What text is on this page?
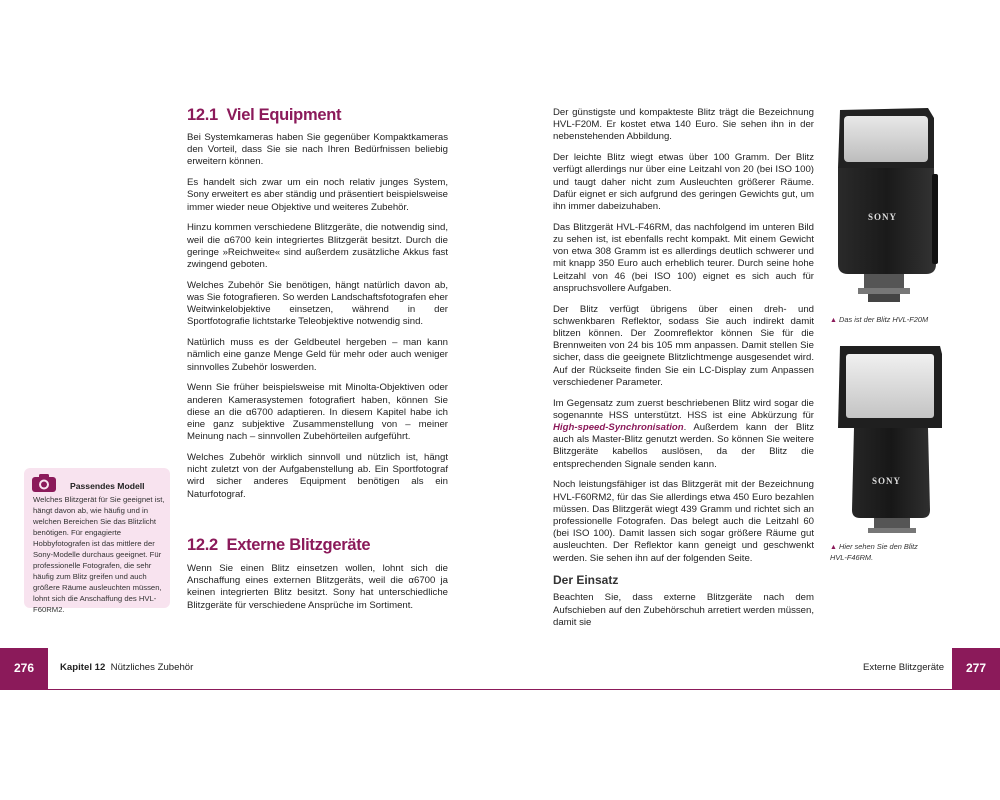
12.1 Viel Equipment

Bei Systemkameras haben Sie gegenüber Kompaktkameras den Vorteil, dass Sie sie nach Ihren Bedürfnissen beliebig erweitern können.

Es handelt sich zwar um ein noch relativ junges System, Sony erweitert es aber ständig und präsentiert beispielsweise immer wieder neue Objektive und weiteres Zubehör.

Hinzu kommen verschiedene Blitzgeräte, die notwendig sind, weil die α6700 kein integriertes Blitzgerät besitzt. Durch die geringe »Reichweite« sind außerdem zusätzliche Akkus fast zwingend geboten.

Welches Zubehör Sie benötigen, hängt natürlich davon ab, was Sie fotografieren. So werden Landschaftsfotografen eher Weitwinkelobjektive einsetzen, während in der Sportfotografie lichtstarke Teleobjektive notwendig sind.

Natürlich muss es der Geldbeutel hergeben – man kann nämlich eine ganze Menge Geld für mehr oder auch weniger sinnvolles Zubehör loswerden.

Wenn Sie früher beispielsweise mit Minolta-Objektiven oder anderen Kamerasystemen fotografiert haben, können Sie diese an die α6700 adaptieren. In diesem Kapitel habe ich eine ganz subjektive Zusammenstellung von – meiner Meinung nach – sinnvollen Zubehörteilen aufgeführt.

Welches Zubehör wirklich sinnvoll und nützlich ist, hängt nicht zuletzt von der Aufgabenstellung ab. Ein Sportfotograf wird sicher anderes Equipment benötigen als ein Naturfotograf.

12.2 Externe Blitzgeräte

Wenn Sie einen Blitz einsetzen wollen, lohnt sich die Anschaffung eines externen Blitzgeräts, weil die α6700 ja keinen integrierten Blitz besitzt. Sony hat unterschiedliche Blitzgeräte für verschiedene Ansprüche im Sortiment.

Passendes Modell
Welches Blitzgerät für Sie geeignet ist, hängt davon ab, wie häufig und in welchen Bereichen Sie das Blitzlicht benötigen. Für engagierte Hobbyfotografen ist das mittlere der Sony-Modelle durchaus geeignet. Für professionelle Fotografen, die sehr häufig zum Blitz greifen und auch größere Räume ausleuchten müssen, lohnt sich die Anschaffung des HVL-F60RM2.
276	Kapitel 12 Nützliches Zubehör

Der günstigste und kompakteste Blitz trägt die Bezeichnung HVL-F20M. Er kostet etwa 140 Euro. Sie sehen ihn in der nebenstehenden Abbildung.

Der leichte Blitz wiegt etwas über 100 Gramm. Der Blitz verfügt allerdings nur über eine Leitzahl von 20 (bei ISO 100) und taugt daher nicht zum Ausleuchten größerer Räume. Dafür eignet er sich aufgrund des geringen Gewichts gut, um ihn immer dabeizuhaben.

Das Blitzgerät HVL-F46RM, das nachfolgend im unteren Bild zu sehen ist, ist ebenfalls recht kompakt. Mit einem Gewicht von etwa 308 Gramm ist es allerdings deutlich schwerer und mit knapp 350 Euro auch erheblich teurer. Durch seine hohe Leitzahl von 46 (bei ISO 100) eignet es sich auch für anspruchsvollere Aufgaben.

Der Blitz verfügt übrigens über einen dreh- und schwenkbaren Reflektor, sodass Sie auch indirekt damit blitzen können. Der Zoomreflektor können Sie für die Brennweiten von 24 bis 105 mm anpassen. Damit stellen Sie sicher, dass die geeignete Blitzlichtmenge ausgesendet wird. Auf der Rückseite finden Sie ein LC-Display zum Anpassen verschiedener Parameter.

Im Gegensatz zum zuerst beschriebenen Blitz wird sogar die sogenannte HSS unterstützt. HSS ist eine Abkürzung für High-speed-Synchronisation. Außerdem kann der Blitz auch als Master-Blitz genutzt werden. So können Sie weitere Blitzgeräte kabellos auslösen, da der Blitz die entsprechenden Signale senden kann.

Noch leistungsfähiger ist das Blitzgerät mit der Bezeichnung HVL-F60RM2, für das Sie allerdings etwa 450 Euro bezahlen müssen. Das Blitzgerät wiegt 439 Gramm und richtet sich an professionelle Fotografen. Das belegt auch die Leitzahl 60 (bei ISO 100). Damit lassen sich sogar größere Räume gut ausleuchten. Der Reflektor kann geneigt und geschwenkt werden. Sie sehen ihn auf der folgenden Seite.

Der Einsatz

Beachten Sie, dass externe Blitzgeräte nach dem Aufschieben auf den Zubehörschuh arretiert werden müssen, damit sie

SONY
▲ Das ist der Blitz HVL-F20M
SONY
▲ Hier sehen Sie den Blitz
HVL-F46RM.
Externe Blitzgeräte	277
